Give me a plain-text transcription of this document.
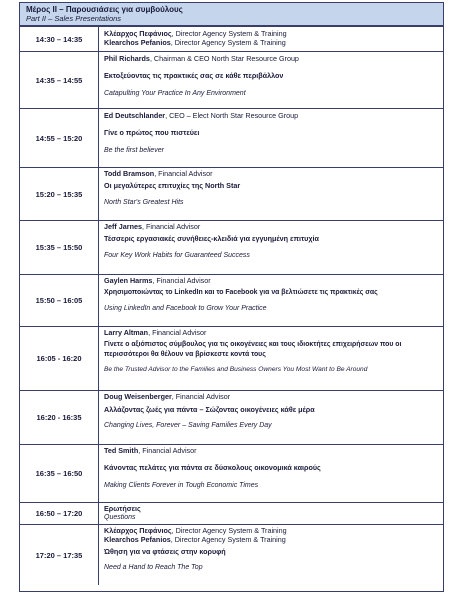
Μέρος ΙΙ – Παρουσιάσεις για συμβούλους
Part II – Sales Presentations
14:30 – 14:35
Κλέαρχος Πεφάνιος, Director Agency System & Training
Klearchos Pefanios, Director Agency System & Training
14:35 – 14:55
Phil Richards, Chairman & CEO North Star Resource Group
Εκτοξεύοντας τις πρακτικές σας σε κάθε περιβάλλον
Catapulting Your Practice In Any Environment
14:55 – 15:20
Ed Deutschlander, CEO – Elect North Star Resource Group
Γίνε ο πρώτος που πιστεύει
Be the first believer
15:20 – 15:35
Todd Bramson, Financial Advisor
Οι μεγαλύτερες επιτυχίες της North Star
North Star's Greatest Hits
15:35 – 15:50
Jeff Jarnes, Financial Advisor
Τέσσερις εργασιακές συνήθειες-κλειδιά για εγγυημένη επιτυχία
Four Key Work Habits for Guaranteed Success
15:50 – 16:05
Gaylen Harms, Financial Advisor
Χρησιμοποιώντας το LinkedIn και το Facebook για να βελτιώσετε τις πρακτικές σας
Using LinkedIn and Facebook to Grow Your Practice
16:05 - 16:20
Larry Altman, Financial Advisor
Γίνετε ο αξιόπιστος σύμβουλος για τις οικογένειες και τους ιδιοκτήτες επιχειρήσεων που οι περισσότεροι θα θέλουν να βρίσκεστε κοντά τους
Be the Trusted Advisor to the Families and Business Owners You Most Want to Be Around
16:20 - 16:35
Doug Weisenberger, Financial Advisor
Αλλάζοντας ζωές για πάντα – Σώζοντας οικογένειες κάθε μέρα
Changing Lives, Forever – Saving Families Every Day
16:35 – 16:50
Ted Smith, Financial Advisor
Κάνοντας πελάτες για πάντα σε δύσκολους οικονομικά καιρούς
Making Clients Forever in Tough Economic Times
16:50 – 17:20
Ερωτήσεις
Questions
17:20 – 17:35
Κλέαρχος Πεφάνιος, Director Agency System & Training
Klearchos Pefanios, Director Agency System & Training
Ώθηση για να φτάσεις στην κορυφή
Need a Hand to Reach The Top
